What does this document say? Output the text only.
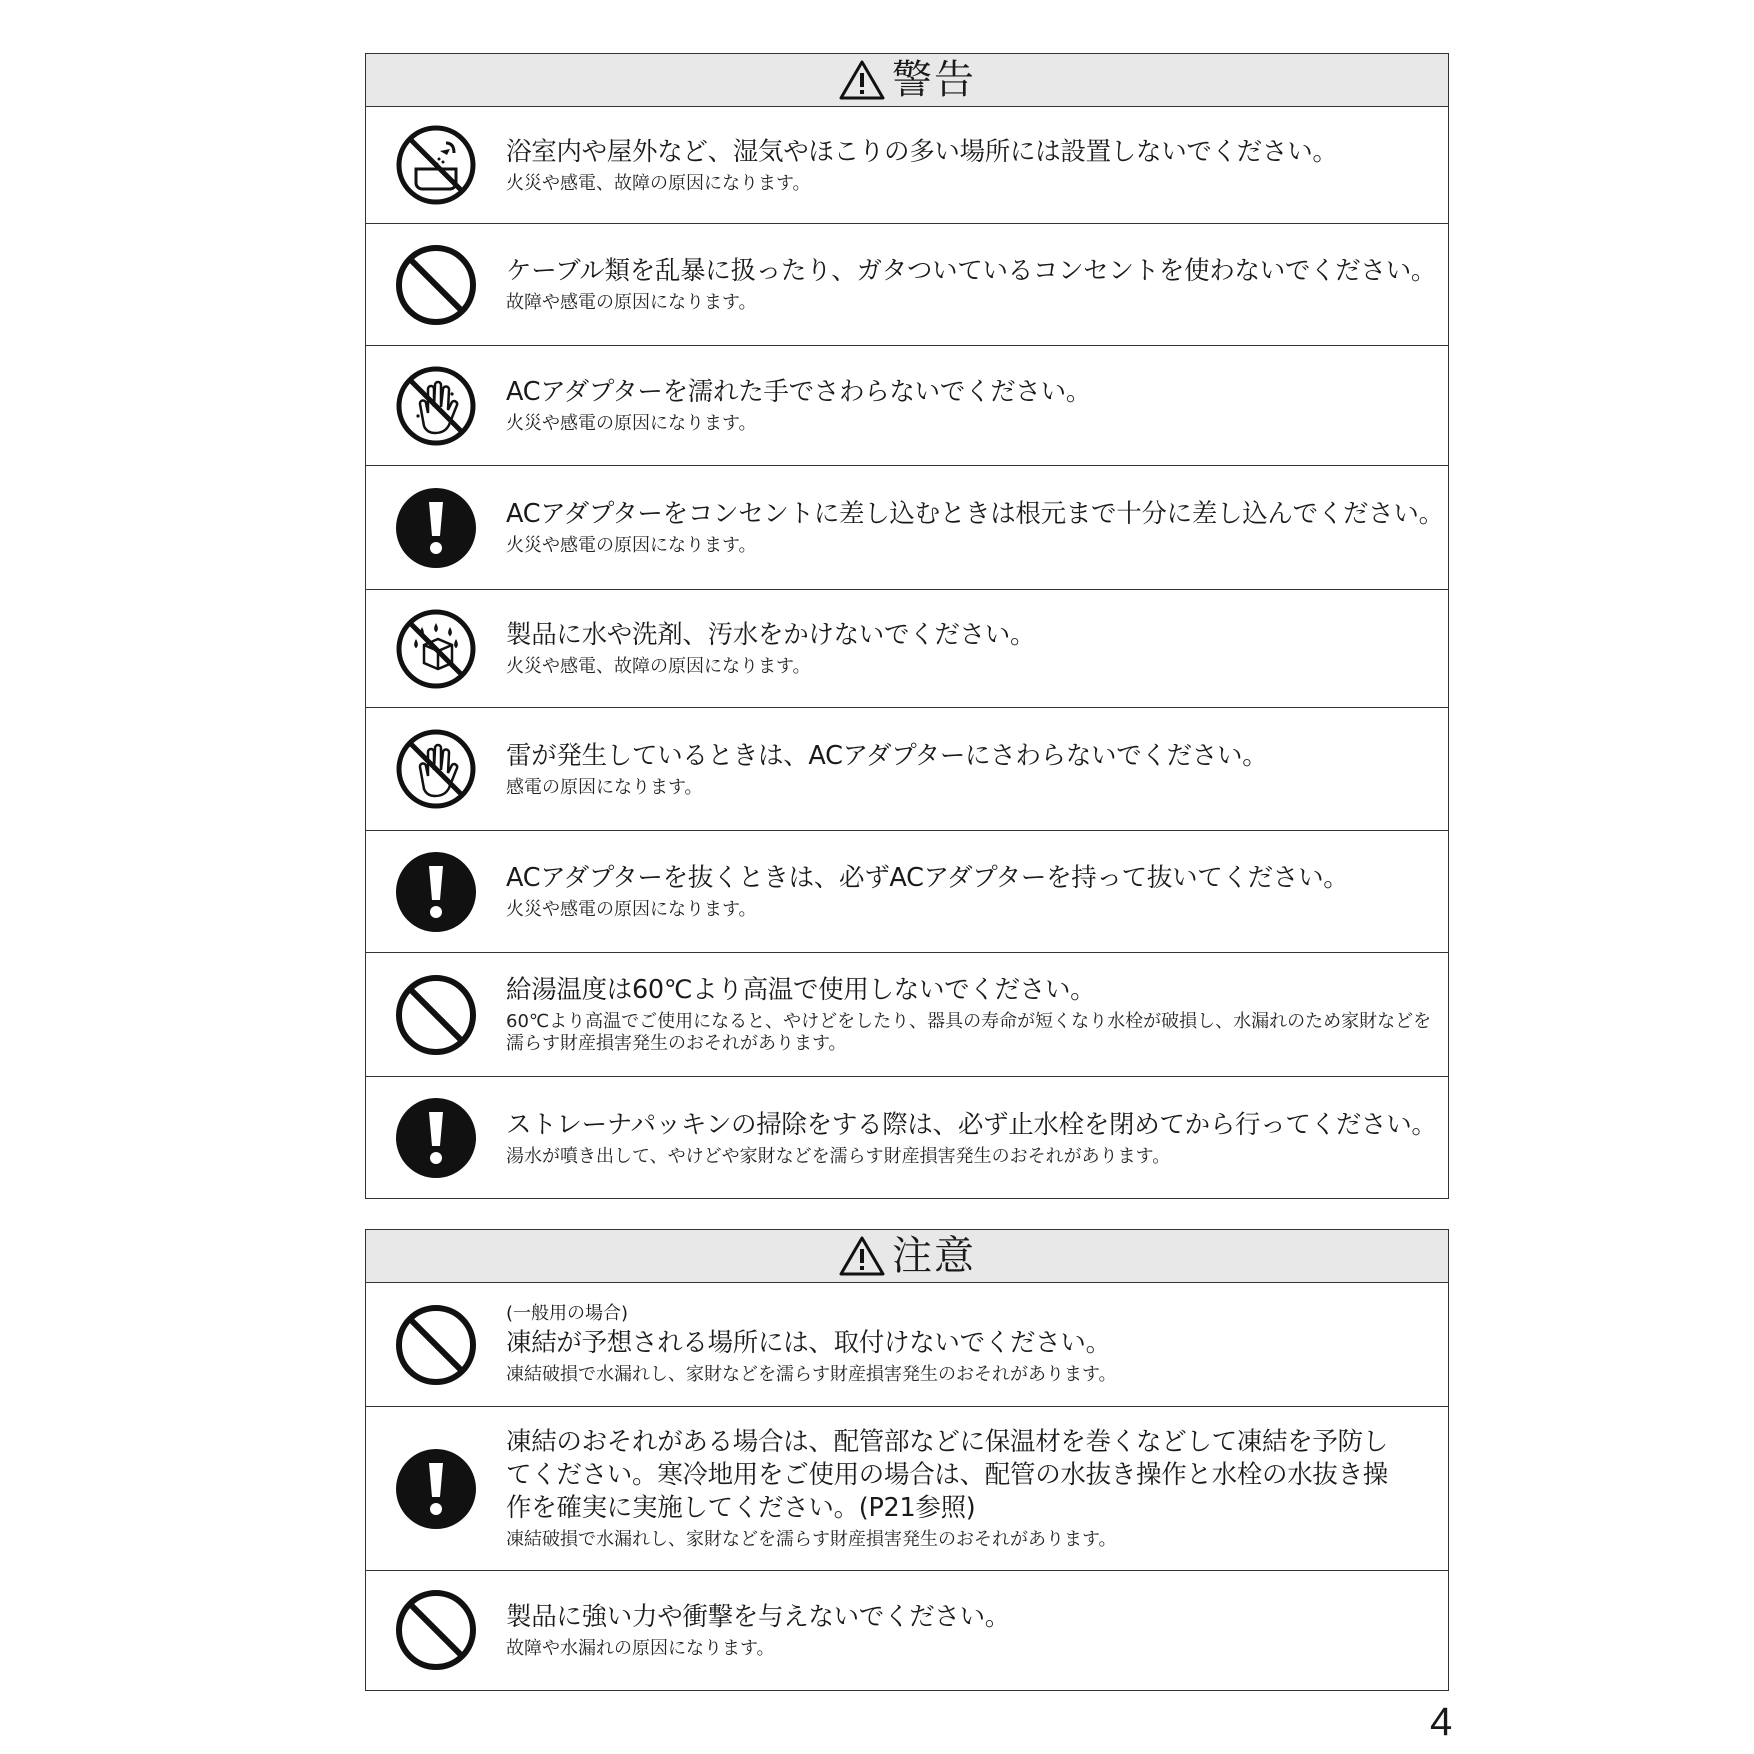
警告
浴室内や屋外など、湿気やほこりの多い場所には設置しないでください。
火災や感電、故障の原因になります。
ケーブル類を乱暴に扱ったり、ガタついているコンセントを使わないでください。
故障や感電の原因になります。
ACアダプターを濡れた手でさわらないでください。
火災や感電の原因になります。
ACアダプターをコンセントに差し込むときは根元まで十分に差し込んでください。
火災や感電の原因になります。
製品に水や洗剤、汚水をかけないでください。
火災や感電、故障の原因になります。
雷が発生しているときは、ACアダプターにさわらないでください。
感電の原因になります。
ACアダプターを抜くときは、必ずACアダプターを持って抜いてください。
火災や感電の原因になります。
給湯温度は60℃より高温で使用しないでください。
60℃より高温でご使用になると、やけどをしたり、器具の寿命が短くなり水栓が破損し、水漏れのため家財などを濡らす財産損害発生のおそれがあります。
ストレーナパッキンの掃除をする際は、必ず止水栓を閉めてから行ってください。
湯水が噴き出して、やけどや家財などを濡らす財産損害発生のおそれがあります。
注意
(一般用の場合)
凍結が予想される場所には、取付けないでください。
凍結破損で水漏れし、家財などを濡らす財産損害発生のおそれがあります。
凍結のおそれがある場合は、配管部などに保温材を巻くなどして凍結を予防してください。寒冷地用をご使用の場合は、配管の水抜き操作と水栓の水抜き操作を確実に実施してください。(P21参照)
凍結破損で水漏れし、家財などを濡らす財産損害発生のおそれがあります。
製品に強い力や衝撃を与えないでください。
故障や水漏れの原因になります。
4
